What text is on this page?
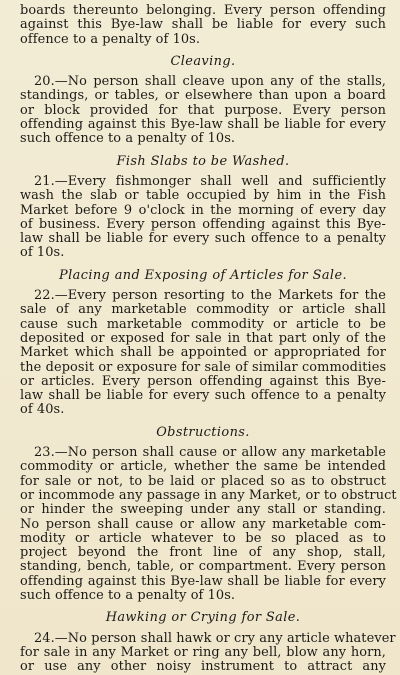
boards thereunto belonging. Every person offending
against this Bye-law shall be liable for every such
offence to a penalty of 10s.
Cleaving.
20.—No person shall cleave upon any of the stalls,
standings, or tables, or elsewhere than upon a board
or block provided for that purpose. Every person
offending against this Bye-law shall be liable for every
such offence to a penalty of 10s.
Fish Slabs to be Washed.
21.—Every fishmonger shall well and sufficiently
wash the slab or table occupied by him in the Fish
Market before 9 o'clock in the morning of every day
of business. Every person offending against this Bye-
law shall be liable for every such offence to a penalty
of 10s.
Placing and Exposing of Articles for Sale.
22.—Every person resorting to the Markets for the
sale of any marketable commodity or article shall
cause such marketable commodity or article to be
deposited or exposed for sale in that part only of the
Market which shall be appointed or appropriated for
the deposit or exposure for sale of similar commodities
or articles. Every person offending against this Bye-
law shall be liable for every such offence to a penalty
of 40s.
Obstructions.
23.—No person shall cause or allow any marketable
commodity or article, whether the same be intended
for sale or not, to be laid or placed so as to obstruct
or incommode any passage in any Market, or to obstruct
or hinder the sweeping under any stall or standing.
No person shall cause or allow any marketable com-
modity or article whatever to be so placed as to
project beyond the front line of any shop, stall,
standing, bench, table, or compartment. Every person
offending against this Bye-law shall be liable for every
such offence to a penalty of 10s.
Hawking or Crying for Sale.
24.—No person shall hawk or cry any article whatever
for sale in any Market or ring any bell, blow any horn,
or use any other noisy instrument to attract any
